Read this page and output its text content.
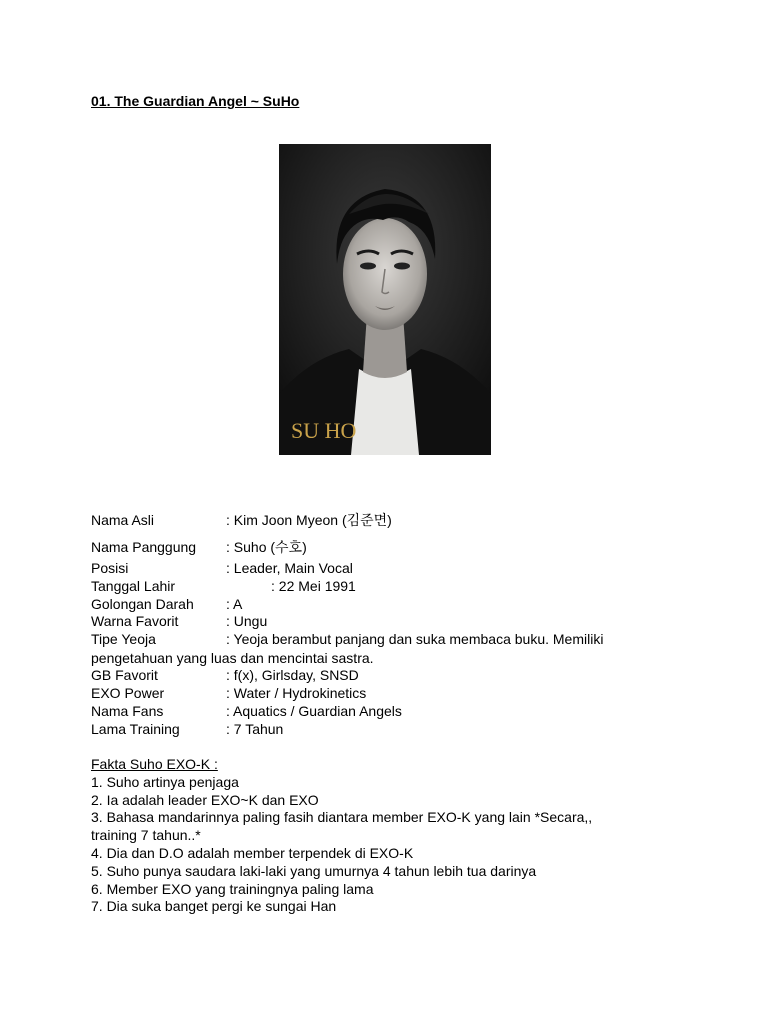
01. The Guardian Angel ~ SuHo
SU HO
Nama Asli	: Kim Joon Myeon (김준면)
Nama Panggung : Suho (수호)
Posisi	: Leader, Main Vocal
Tanggal Lahir	: 22 Mei 1991
Golongan Darah : A
Warna Favorit	: Ungu
Tipe Yeoja	: Yeoja berambut panjang dan suka membaca buku. Memiliki
pengetahuan yang luas dan mencintai sastra.
GB Favorit	: f(x), Girlsday, SNSD
EXO Power	: Water / Hydrokinetics
Nama Fans	: Aquatics / Guardian Angels
Lama Training	: 7 Tahun
Fakta Suho EXO-K :
1. Suho artinya penjaga
2. Ia adalah leader EXO~K dan EXO
3. Bahasa mandarinnya paling fasih diantara member EXO-K yang lain *Secara,,
training 7 tahun..*
4. Dia dan D.O adalah member terpendek di EXO-K
5. Suho punya saudara laki-laki yang umurnya 4 tahun lebih tua darinya
6. Member EXO yang trainingnya paling lama
7. Dia suka banget pergi ke sungai Han
